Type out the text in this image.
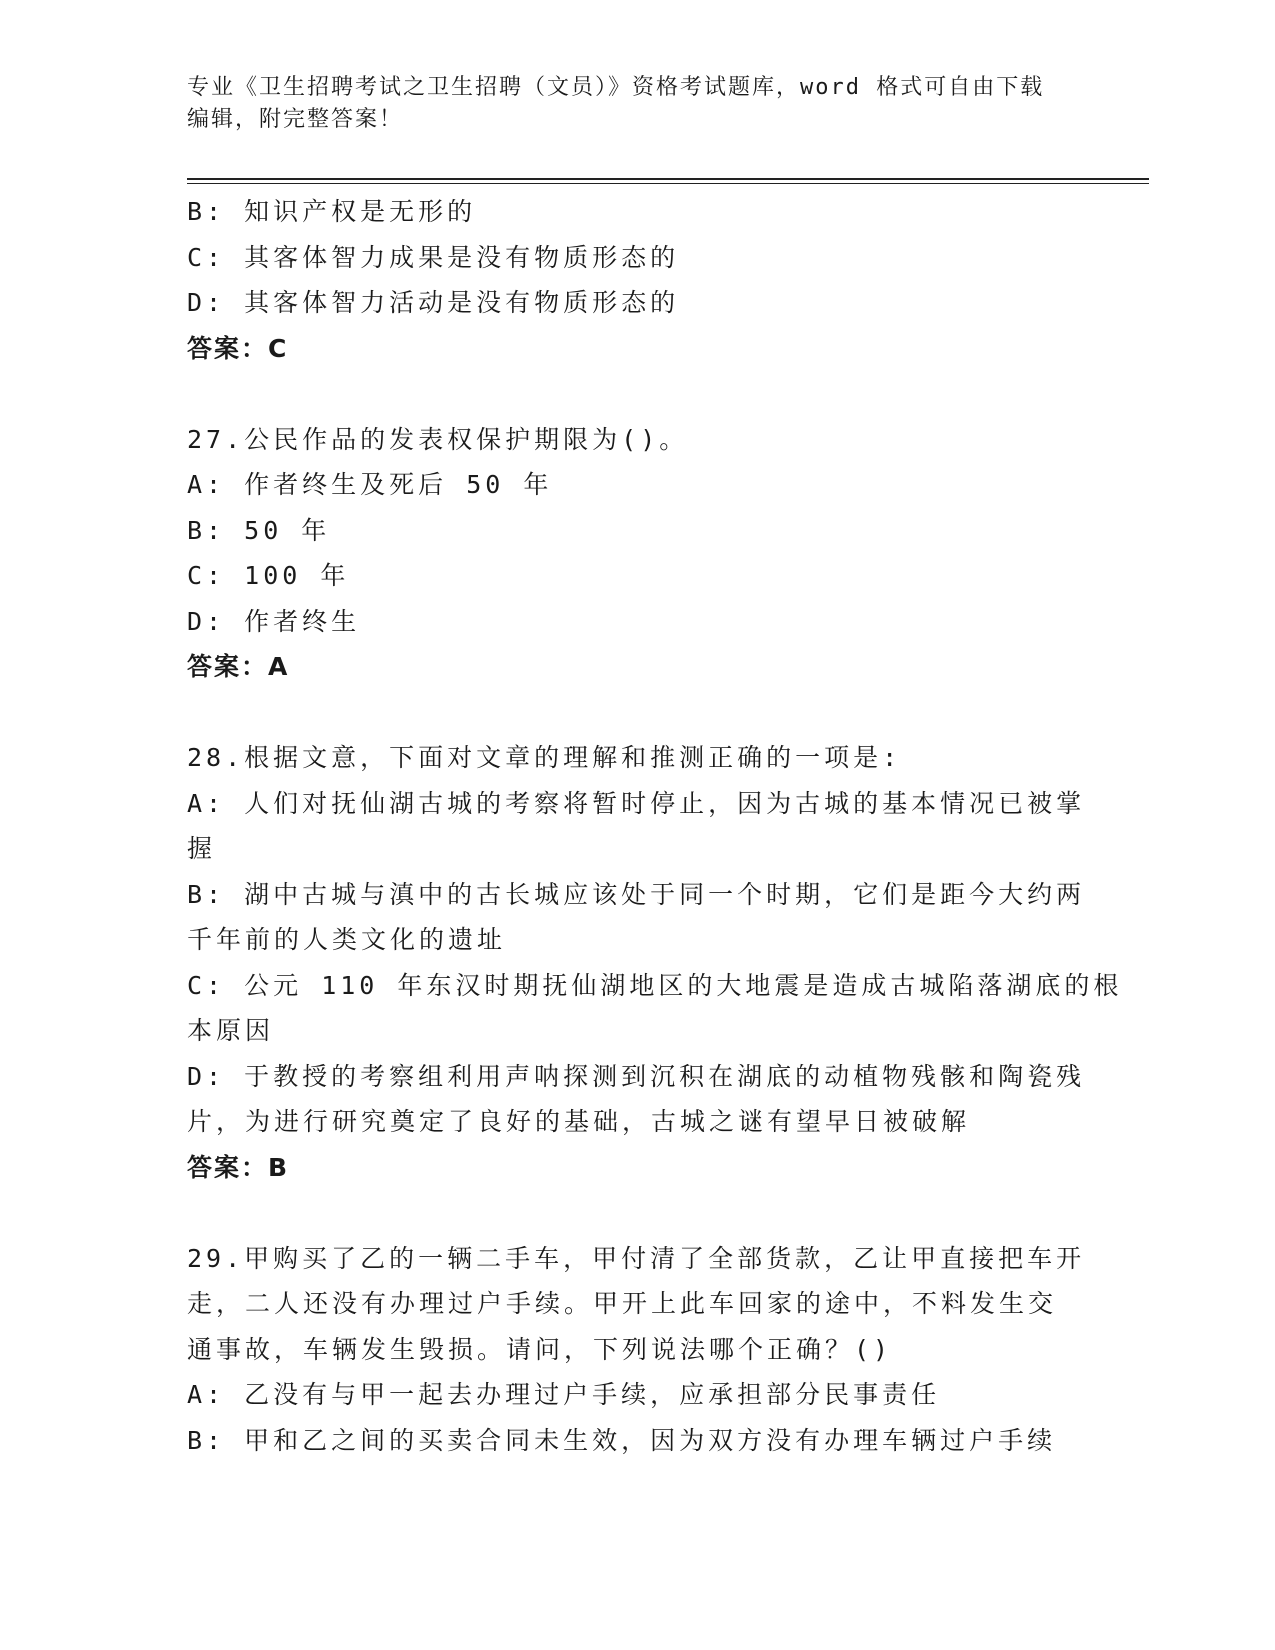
专业《卫生招聘考试之卫生招聘（文员）》资格考试题库，word 格式可自由下载
编辑，附完整答案！
B: 知识产权是无形的
C: 其客体智力成果是没有物质形态的
D: 其客体智力活动是没有物质形态的
答案：C
27.公民作品的发表权保护期限为()。
A: 作者终生及死后 50 年
B: 50 年
C: 100 年
D: 作者终生
答案：A
28.根据文意，下面对文章的理解和推测正确的一项是:
A: 人们对抚仙湖古城的考察将暂时停止，因为古城的基本情况已被掌
握
B: 湖中古城与滇中的古长城应该处于同一个时期，它们是距今大约两
千年前的人类文化的遗址
C: 公元 110 年东汉时期抚仙湖地区的大地震是造成古城陷落湖底的根
本原因
D: 于教授的考察组利用声呐探测到沉积在湖底的动植物残骸和陶瓷残
片，为进行研究奠定了良好的基础，古城之谜有望早日被破解
答案：B
29.甲购买了乙的一辆二手车，甲付清了全部货款，乙让甲直接把车开
走，二人还没有办理过户手续。甲开上此车回家的途中，不料发生交
通事故，车辆发生毁损。请问，下列说法哪个正确？()
A: 乙没有与甲一起去办理过户手续，应承担部分民事责任
B: 甲和乙之间的买卖合同未生效，因为双方没有办理车辆过户手续
